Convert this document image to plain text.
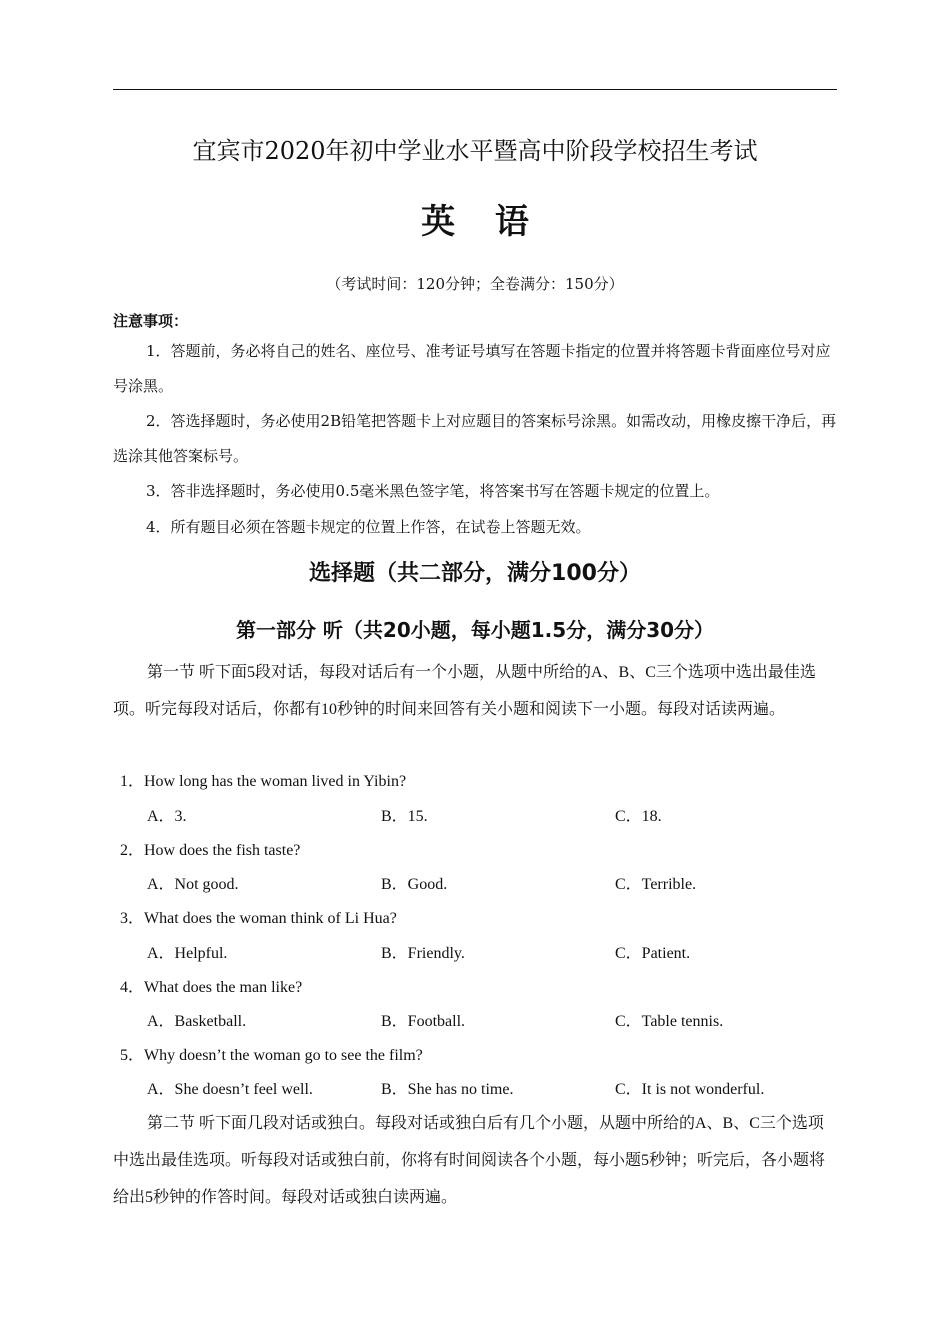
宜宾市2020年初中学业水平暨高中阶段学校招生考试
英 语
（考试时间：120分钟；全卷满分：150分）
注意事项：

1．答题前，务必将自己的姓名、座位号、准考证号填写在答题卡指定的位置并将答题卡背面座位号对应号涂黑。

2．答选择题时，务必使用2B铅笔把答题卡上对应题目的答案标号涂黑。如需改动，用橡皮擦干净后，再选涂其他答案标号。

3．答非选择题时，务必使用0.5毫米黑色签字笔，将答案书写在答题卡规定的位置上。

4．所有题目必须在答题卡规定的位置上作答，在试卷上答题无效。

选择题（共二部分，满分100分）
第一部分 听（共20小题，每小题1.5分，满分30分）

第一节 听下面5段对话，每段对话后有一个小题，从题中所给的A、B、C三个选项中选出最佳选项。听完每段对话后，你都有10秒钟的时间来回答有关小题和阅读下一小题。每段对话读两遍。

1．How long has the woman lived in Yibin?
A．3.	B．15.	C．18.
2．How does the fish taste?
A．Not good.	B．Good.	C．Terrible.
3．What does the woman think of Li Hua?
A．Helpful.	B．Friendly.	C．Patient.
4．What does the man like?
A．Basketball.	B．Football.	C．Table tennis.
5．Why doesn’t the woman go to see the film?
A．She doesn’t feel well.	B．She has no time.	C．It is not wonderful.

第二节 听下面几段对话或独白。每段对话或独白后有几个小题，从题中所给的A、B、C三个选项中选出最佳选项。听每段对话或独白前，你将有时间阅读各个小题，每小题5秒钟；听完后，各小题将给出5秒钟的作答时间。每段对话或独白读两遍。
